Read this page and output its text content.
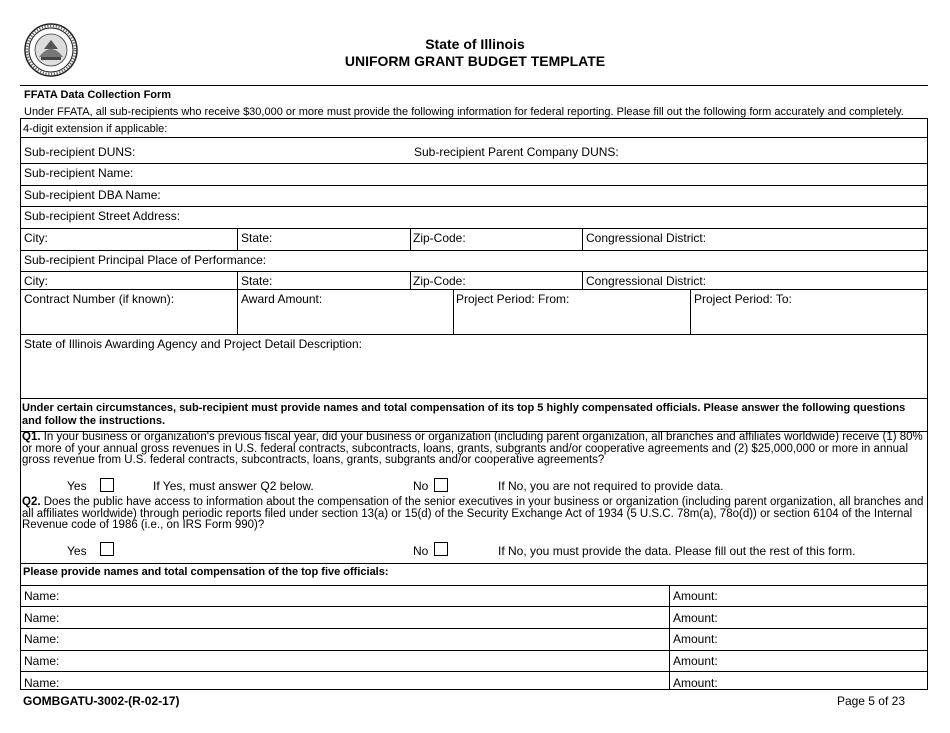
State of Illinois
UNIFORM GRANT BUDGET TEMPLATE
FFATA Data Collection Form
Under FFATA, all sub-recipients who receive $30,000 or more must provide the following information for federal reporting. Please fill out the following form accurately and completely.
4-digit extension if applicable:
Sub-recipient DUNS:	Sub-recipient Parent Company DUNS:
Sub-recipient Name:
Sub-recipient DBA Name:
Sub-recipient Street Address:
City:	State:	Zip-Code:	Congressional District:
Sub-recipient Principal Place of Performance:
City:	State:	Zip-Code:	Congressional District:
Contract Number (if known):	Award Amount:	Project Period: From:	Project Period: To:
State of Illinois Awarding Agency and Project Detail Description:
Under certain circumstances, sub-recipient must provide names and total compensation of its top 5 highly compensated officials. Please answer the following questions and follow the instructions.
Q1. In your business or organization's previous fiscal year, did your business or organization (including parent organization, all branches and affiliates worldwide) receive (1) 80% or more of your annual gross revenues in U.S. federal contracts, subcontracts, loans, grants, subgrants and/or cooperative agreements and (2) $25,000,000 or more in annual gross revenue from U.S. federal contracts, subcontracts, loans, grants, subgrants and/or cooperative agreements?
Yes	If Yes, must answer Q2 below.	No	If No, you are not required to provide data.
Q2. Does the public have access to information about the compensation of the senior executives in your business or organization (including parent organization, all branches and all affiliates worldwide) through periodic reports filed under section 13(a) or 15(d) of the Security Exchange Act of 1934 (5 U.S.C. 78m(a), 78o(d)) or section 6104 of the Internal Revenue code of 1986 (i.e., on IRS Form 990)?
Yes	No	If No, you must provide the data. Please fill out the rest of this form.
Please provide names and total compensation of the top five officials:
Name:	Amount:
Name:	Amount:
Name:	Amount:
Name:	Amount:
Name:	Amount:
GOMBGATU-3002-(R-02-17)	Page 5 of 23
